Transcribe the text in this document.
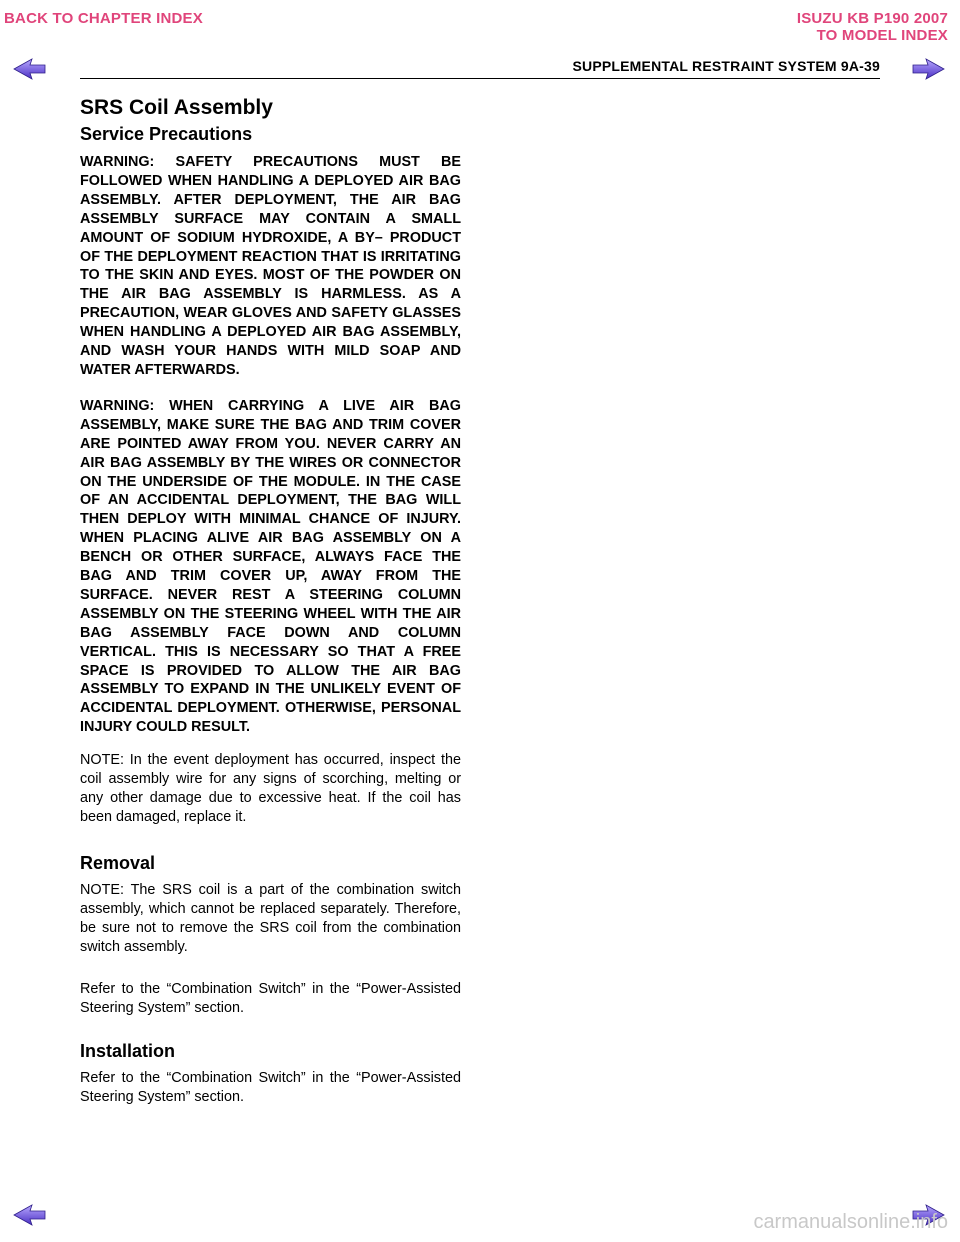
BACK TO CHAPTER INDEX	ISUZU KB P190 2007
TO MODEL INDEX
SUPPLEMENTAL RESTRAINT SYSTEM 9A-39
SRS Coil Assembly
Service Precautions

WARNING: SAFETY PRECAUTIONS MUST BE FOLLOWED WHEN HANDLING A DEPLOYED AIR BAG ASSEMBLY. AFTER DEPLOYMENT, THE AIR BAG ASSEMBLY SURFACE MAY CONTAIN A SMALL AMOUNT OF SODIUM HYDROXIDE, A BY– PRODUCT OF THE DEPLOYMENT REACTION THAT IS IRRITATING TO THE SKIN AND EYES. MOST OF THE POWDER ON THE AIR BAG ASSEMBLY IS HARMLESS. AS A PRECAUTION, WEAR GLOVES AND SAFETY GLASSES WHEN HANDLING A DEPLOYED AIR BAG ASSEMBLY, AND WASH YOUR HANDS WITH MILD SOAP AND WATER AFTERWARDS.

WARNING: WHEN CARRYING A LIVE AIR BAG ASSEMBLY, MAKE SURE THE BAG AND TRIM COVER ARE POINTED AWAY FROM YOU. NEVER CARRY AN AIR BAG ASSEMBLY BY THE WIRES OR CONNECTOR ON THE UNDERSIDE OF THE MODULE. IN THE CASE OF AN ACCIDENTAL DEPLOYMENT, THE BAG WILL THEN DEPLOY WITH MINIMAL CHANCE OF INJURY. WHEN PLACING ALIVE AIR BAG ASSEMBLY ON A BENCH OR OTHER SURFACE, ALWAYS FACE THE BAG AND TRIM COVER UP, AWAY FROM THE SURFACE. NEVER REST A STEERING COLUMN ASSEMBLY ON THE STEERING WHEEL WITH THE AIR BAG ASSEMBLY FACE DOWN AND COLUMN VERTICAL. THIS IS NECESSARY SO THAT A FREE SPACE IS PROVIDED TO ALLOW THE AIR BAG ASSEMBLY TO EXPAND IN THE UNLIKELY EVENT OF ACCIDENTAL DEPLOYMENT. OTHERWISE, PERSONAL INJURY COULD RESULT.

NOTE: In the event deployment has occurred, inspect the coil assembly wire for any signs of scorching, melting or any other damage due to excessive heat. If the coil has been damaged, replace it.

Removal

NOTE: The SRS coil is a part of the combination switch assembly, which cannot be replaced separately. Therefore, be sure not to remove the SRS coil from the combination switch assembly.

Refer to the “Combination Switch” in the “Power-Assisted Steering System” section.

Installation

Refer to the “Combination Switch” in the “Power-Assisted Steering System” section.

carmanualsonline.info
